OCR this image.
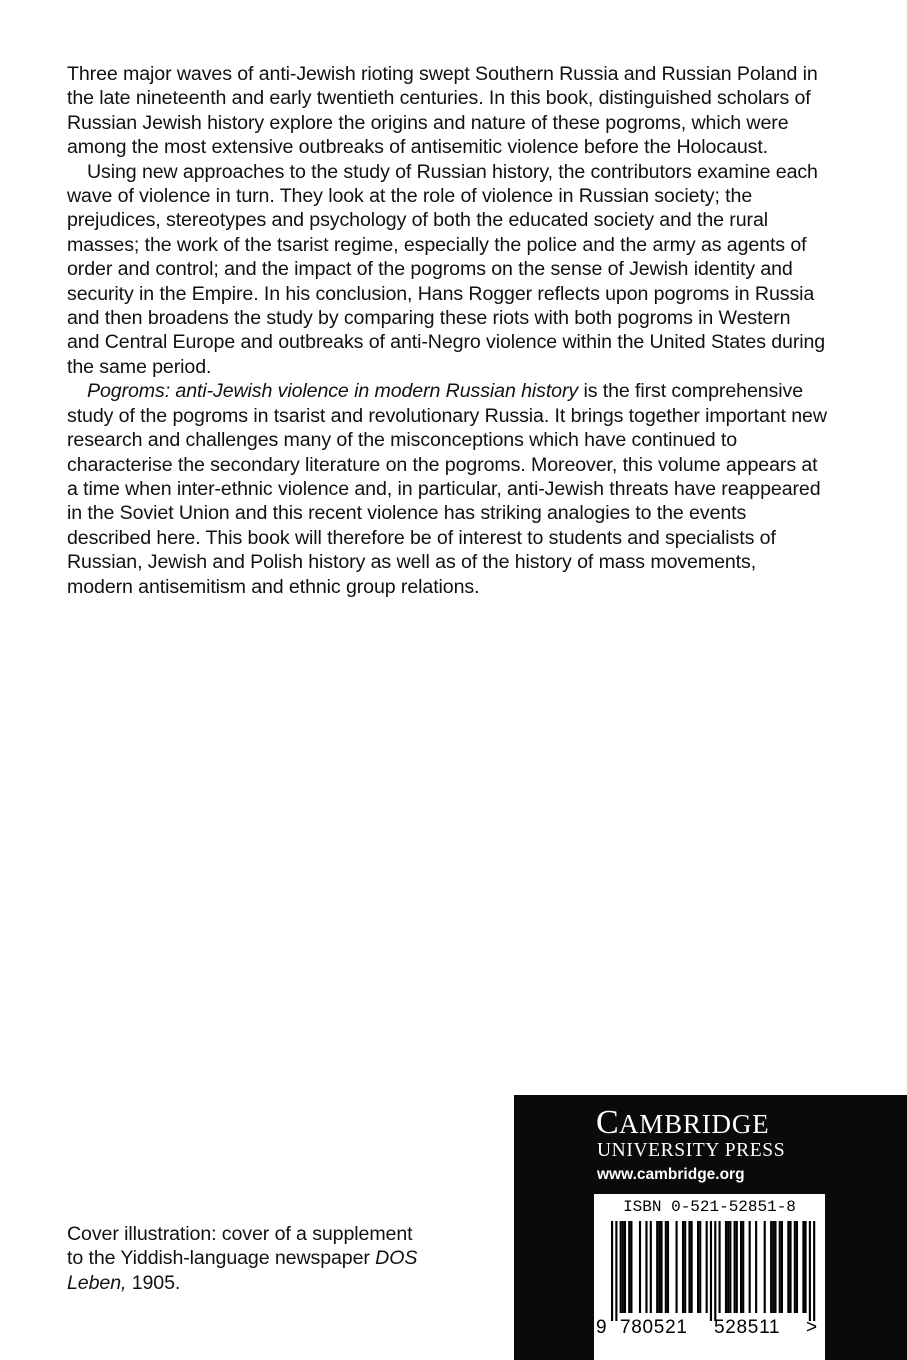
Three major waves of anti-Jewish rioting swept Southern Russia and Russian Poland in the late nineteenth and early twentieth centuries. In this book, distinguished scholars of Russian Jewish history explore the origins and nature of these pogroms, which were among the most extensive outbreaks of antisemitic violence before the Holocaust.

Using new approaches to the study of Russian history, the contributors examine each wave of violence in turn. They look at the role of violence in Russian society; the prejudices, stereotypes and psychology of both the educated society and the rural masses; the work of the tsarist regime, especially the police and the army as agents of order and control; and the impact of the pogroms on the sense of Jewish identity and security in the Empire. In his conclusion, Hans Rogger reflects upon pogroms in Russia and then broadens the study by comparing these riots with both pogroms in Western and Central Europe and outbreaks of anti-Negro violence within the United States during the same period.

Pogroms: anti-Jewish violence in modern Russian history is the first comprehensive study of the pogroms in tsarist and revolutionary Russia. It brings together important new research and challenges many of the misconceptions which have continued to characterise the secondary literature on the pogroms. Moreover, this volume appears at a time when inter-ethnic violence and, in particular, anti-Jewish threats have reappeared in the Soviet Union and this recent violence has striking analogies to the events described here. This book will therefore be of interest to students and specialists of Russian, Jewish and Polish history as well as of the history of mass movements, modern antisemitism and ethnic group relations.

Cover illustration: cover of a supplement to the Yiddish-language newspaper DOS Leben, 1905.
C AMBRIDGE
UNIVERSITY PRESS
www.cambridge.org
ISBN 0-521-52851-8
9 780521 528511 >
